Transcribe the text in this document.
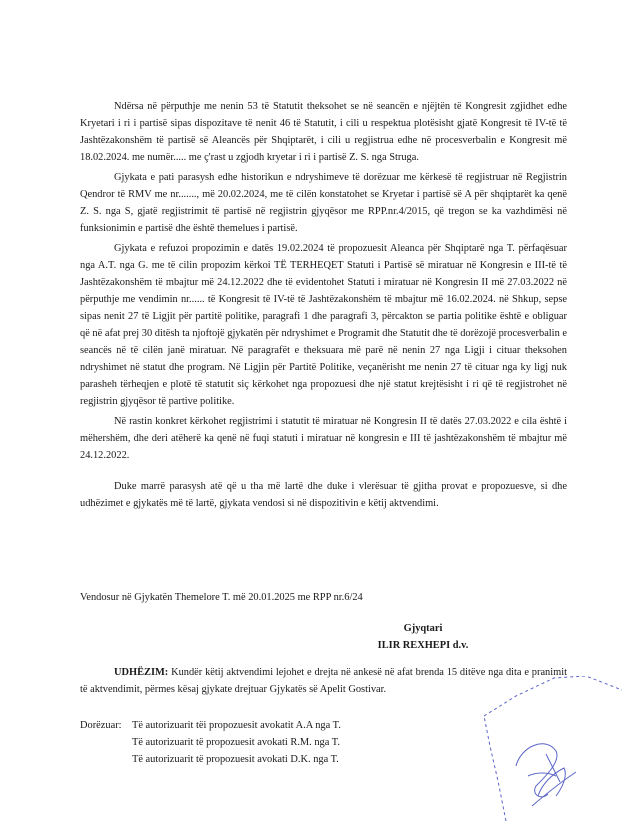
Ndërsa në përputhje me nenin 53 të Statutit theksohet se në seancën e njëjtën të Kongresit zgjidhet edhe Kryetari i ri i partisë sipas dispozitave të nenit 46 të Statutit, i cili u respektua plotësisht gjatë Kongresit të IV-të të Jashtëzakonshëm të partisë së Aleancës për Shqiptarët, i cili u regjistrua edhe në procesverbalin e Kongresit më 18.02.2024. me numër..... me ç'rast u zgjodh kryetar i ri i partisë Z. S. nga Struga.

Gjykata e pati parasysh edhe historikun e ndryshimeve të dorëzuar me kërkesë të regjistruar në Regjistrin Qendror të RMV me nr......., më 20.02.2024, me të cilën konstatohet se Kryetar i partisë së A për shqiptarët ka qenë Z. S. nga S, gjatë regjistrimit të partisë në regjistrin gjyqësor me RPP.nr.4/2015, që tregon se ka vazhdimësi në funksionimin e partisë dhe është themelues i partisë.

Gjykata e refuzoi propozimin e datës 19.02.2024 të propozuesit Aleanca për Shqiptarë nga T. përfaqësuar nga A.T. nga G. me të cilin propozim kërkoi TË TERHEQET Statuti i Partisë së miratuar në Kongresin e III-të të Jashtëzakonshëm të mbajtur më 24.12.2022 dhe të evidentohet Statuti i miratuar në Kongresin II më 27.03.2022 në përputhje me vendimin nr...... të Kongresit të IV-të të Jashtëzakonshëm të mbajtur më 16.02.2024. në Shkup, sepse sipas nenit 27 të Ligjit për partitë politike, paragrafi 1 dhe paragrafi 3, përcakton se partia politike është e obliguar që në afat prej 30 ditësh ta njoftojë gjykatën për ndryshimet e Programit dhe Statutit dhe të dorëzojë procesverbalin e seancës në të cilën janë miratuar. Në paragrafët e theksuara më parë në nenin 27 nga Ligji i cituar theksohen ndryshimet në statut dhe program. Në Ligjin për Partitë Politike, veçanërisht me nenin 27 të cituar nga ky ligj nuk parasheh tërheqjen e plotë të statutit siç kërkohet nga propozuesi dhe një statut krejtësisht i ri që të regjistrohet në regjistrin gjyqësor të partive politike.

Në rastin konkret kërkohet regjistrimi i statutit të miratuar në Kongresin II të datës 27.03.2022 e cila është i mëhershëm, dhe deri atëherë ka qenë në fuqi statuti i miratuar në kongresin e III të jashtëzakonshëm të mbajtur më 24.12.2022.

Duke marrë parasysh atë që u tha më lartë dhe duke i vlerësuar të gjitha provat e propozuesve, si dhe udhëzimet e gjykatës më të lartë, gjykata vendosi si në dispozitivin e këtij aktvendimi.

Vendosur në Gjykatën Themelore T. më 20.01.2025 me RPP nr.6/24
Gjyqtari
ILIR REXHEPI d.v.
UDHËZIM: Kundër këtij aktvendimi lejohet e drejta në ankesë në afat brenda 15 ditëve nga dita e pranimit të aktvendimit, përmes kësaj gjykate drejtuar Gjykatës së Apelit Gostivar.
Dorëzuar:	Të autorizuarit tëi propozuesit avokatit A.A nga T.
Të autorizuarit të propozuesit avokati R.M. nga T.
Të autorizuarit të propozuesit avokati D.K. nga T.
